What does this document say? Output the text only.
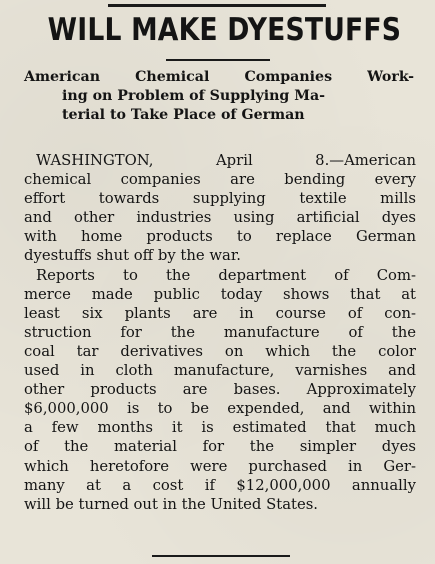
WILL MAKE DYESTUFFS
American Chemical Companies Work-
ing on Problem of Supplying Ma-
terial to Take Place of German
WASHINGTON, April 8.—American
chemical companies are bending every
effort towards supplying textile mills
and other industries using artificial dyes
with home products to replace German
dyestuffs shut off by the war.
Reports to the department of Com-
merce made public today shows that at
least six plants are in course of con-
struction for the manufacture of the
coal tar derivatives on which the color
used in cloth manufacture, varnishes and
other products are bases. Approximately
$6,000,000 is to be expended, and within
a few months it is estimated that much
of the material for the simpler dyes
which heretofore were purchased in Ger-
many at a cost if $12,000,000 annually
will be turned out in the United States.
